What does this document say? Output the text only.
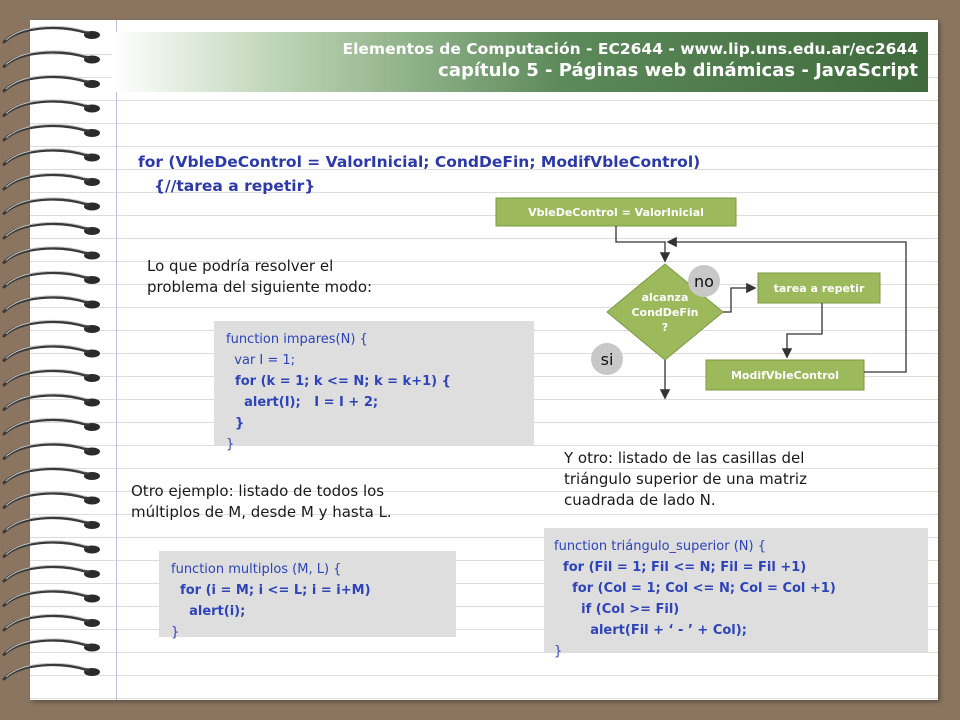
Elementos de Computación - EC2644 - www.lip.uns.edu.ar/ec2644
capítulo 5 - Páginas web dinámicas - JavaScript
for (VbleDeControl = ValorInicial; CondDeFin; ModifVbleControl)
{//tarea a repetir}
Lo que podría resolver el
problema del siguiente modo:
function impares(N) {
var I = 1;
for (k = 1; k <= N; k = k+1) {
alert(I);   I = I + 2;
}
}
VbleDeControl = ValorInicial
alcanza
CondDeFin
?
tarea a repetir
ModifVbleControl
no
si
Y otro: listado de las casillas del
triángulo superior de una matriz
cuadrada de lado N.
Otro ejemplo: listado de todos los
múltiplos de M, desde M y hasta L.
function triángulo_superior (N) {
for (Fil = 1; Fil <= N; Fil = Fil +1)
for (Col = 1; Col <= N; Col = Col +1)
if (Col >= Fil)
alert(Fil + ‘ - ’ + Col);
}
function multiplos (M, L) {
for (i = M; i <= L; i = i+M)
alert(i);
}
